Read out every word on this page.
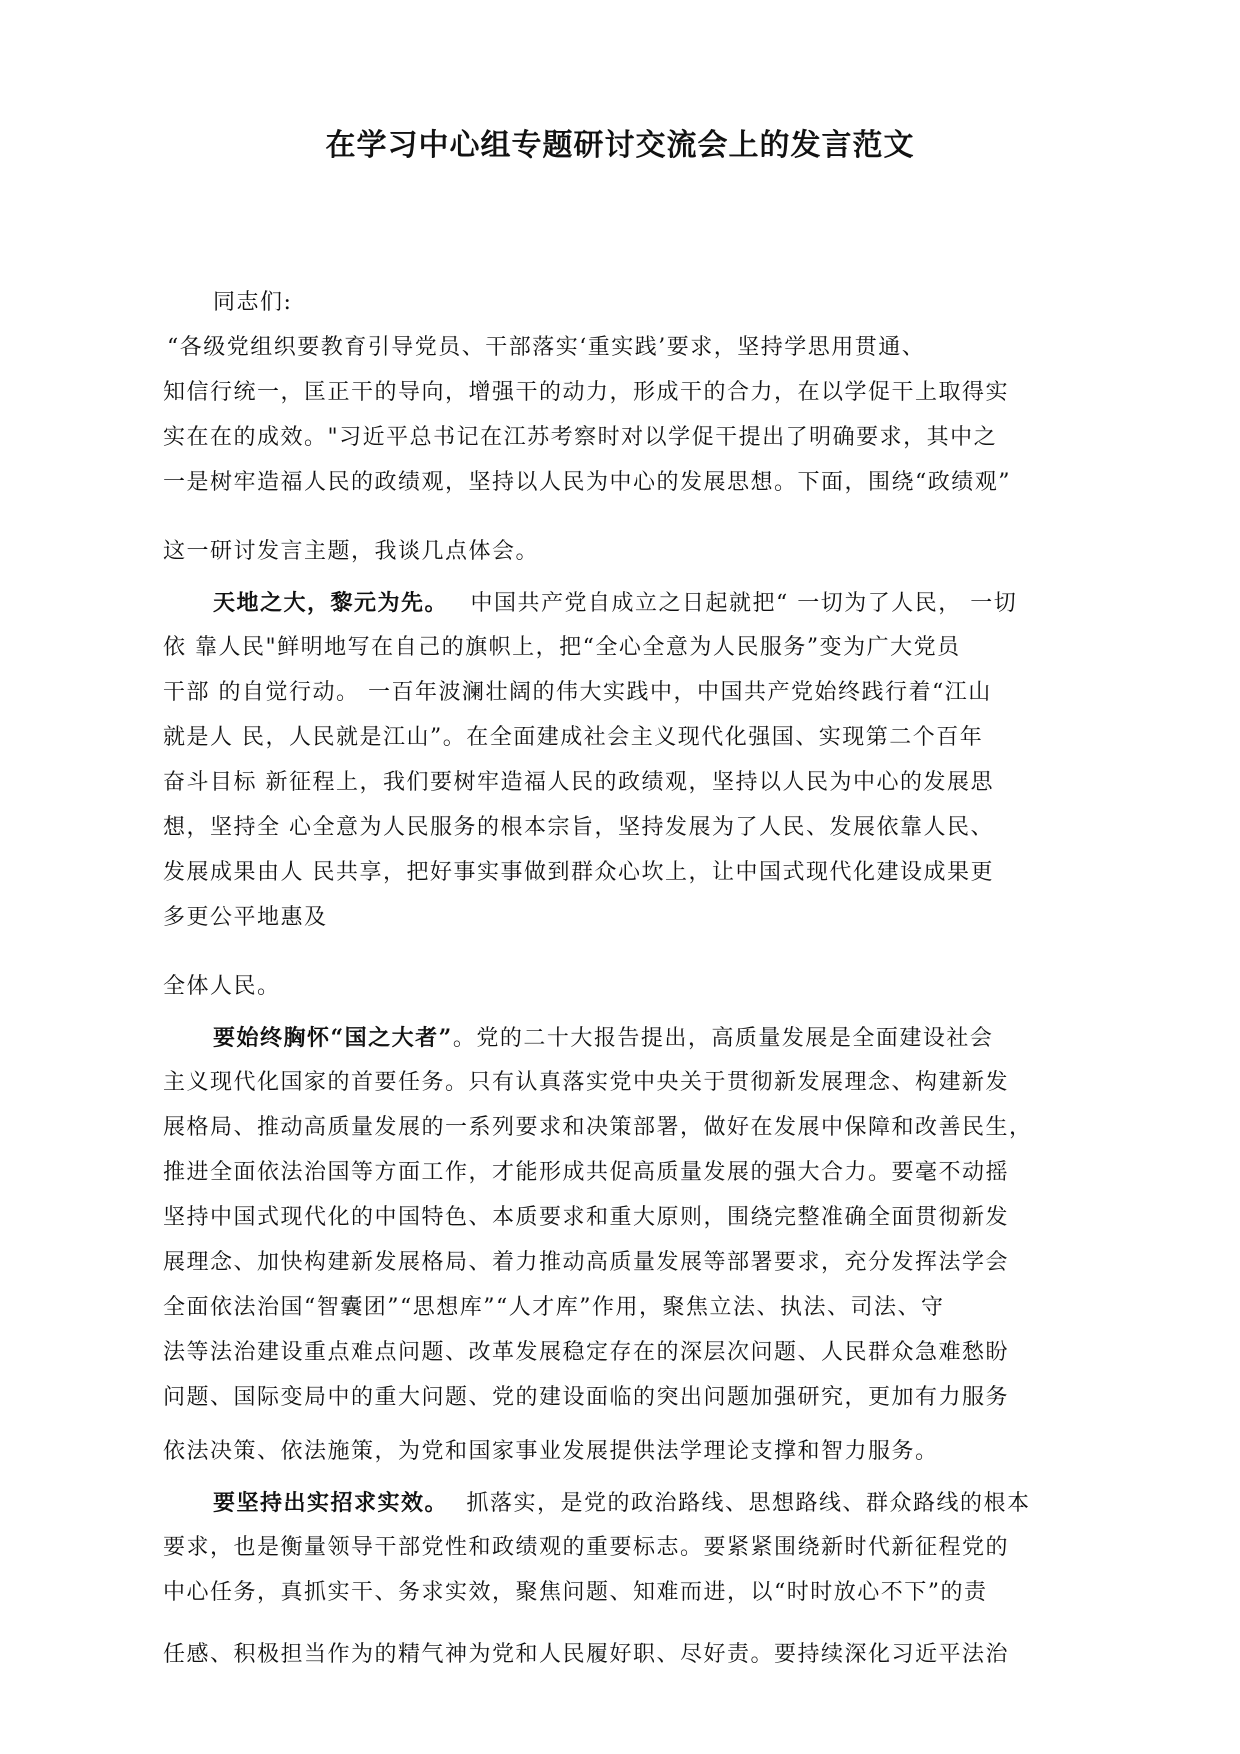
在学习中心组专题研讨交流会上的发言范文
同志们:
“各级党组织要教育引导党员、干部落实‘重实践’要求，坚持学思用贯通、
知信行统一，匡正干的导向，增强干的动力，形成干的合力，在以学促干上取得实
实在在的成效。"习近平总书记在江苏考察时对以学促干提出了明确要求，其中之
一是树牢造福人民的政绩观，坚持以人民为中心的发展思想。下面，围绕“政绩观”
这一研讨发言主题，我谈几点体会。
天地之大，黎元为先。 中国共产党自成立之日起就把“ 一切为了人民， 一切
依 靠人民"鲜明地写在自己的旗帜上，把“全心全意为人民服务”变为广大党员
干部 的自觉行动。 一百年波澜壮阔的伟大实践中，中国共产党始终践行着“江山
就是人 民，人民就是江山”。在全面建成社会主义现代化强国、实现第二个百年
奋斗目标 新征程上，我们要树牢造福人民的政绩观，坚持以人民为中心的发展思
想，坚持全 心全意为人民服务的根本宗旨，坚持发展为了人民、发展依靠人民、
发展成果由人 民共享，把好事实事做到群众心坎上，让中国式现代化建设成果更
多更公平地惠及
全体人民。
要始终胸怀“国之大者”。党的二十大报告提出，高质量发展是全面建设社会
主义现代化国家的首要任务。只有认真落实党中央关于贯彻新发展理念、构建新发
展格局、推动高质量发展的一系列要求和决策部署，做好在发展中保障和改善民生，
推进全面依法治国等方面工作，才能形成共促高质量发展的强大合力。要毫不动摇
坚持中国式现代化的中国特色、本质要求和重大原则，围绕完整准确全面贯彻新发
展理念、加快构建新发展格局、着力推动高质量发展等部署要求，充分发挥法学会
全面依法治国“智囊团”“思想库”“人才库”作用，聚焦立法、执法、司法、守
法等法治建设重点难点问题、改革发展稳定存在的深层次问题、人民群众急难愁盼
问题、国际变局中的重大问题、党的建设面临的突出问题加强研究，更加有力服务
依法决策、依法施策，为党和国家事业发展提供法学理论支撑和智力服务。
要坚持出实招求实效。 抓落实，是党的政治路线、思想路线、群众路线的根本
要求，也是衡量领导干部党性和政绩观的重要标志。要紧紧围绕新时代新征程党的
中心任务，真抓实干、务求实效，聚焦问题、知难而进，以“时时放心不下”的责
任感、积极担当作为的精气神为党和人民履好职、尽好责。要持续深化习近平法治
